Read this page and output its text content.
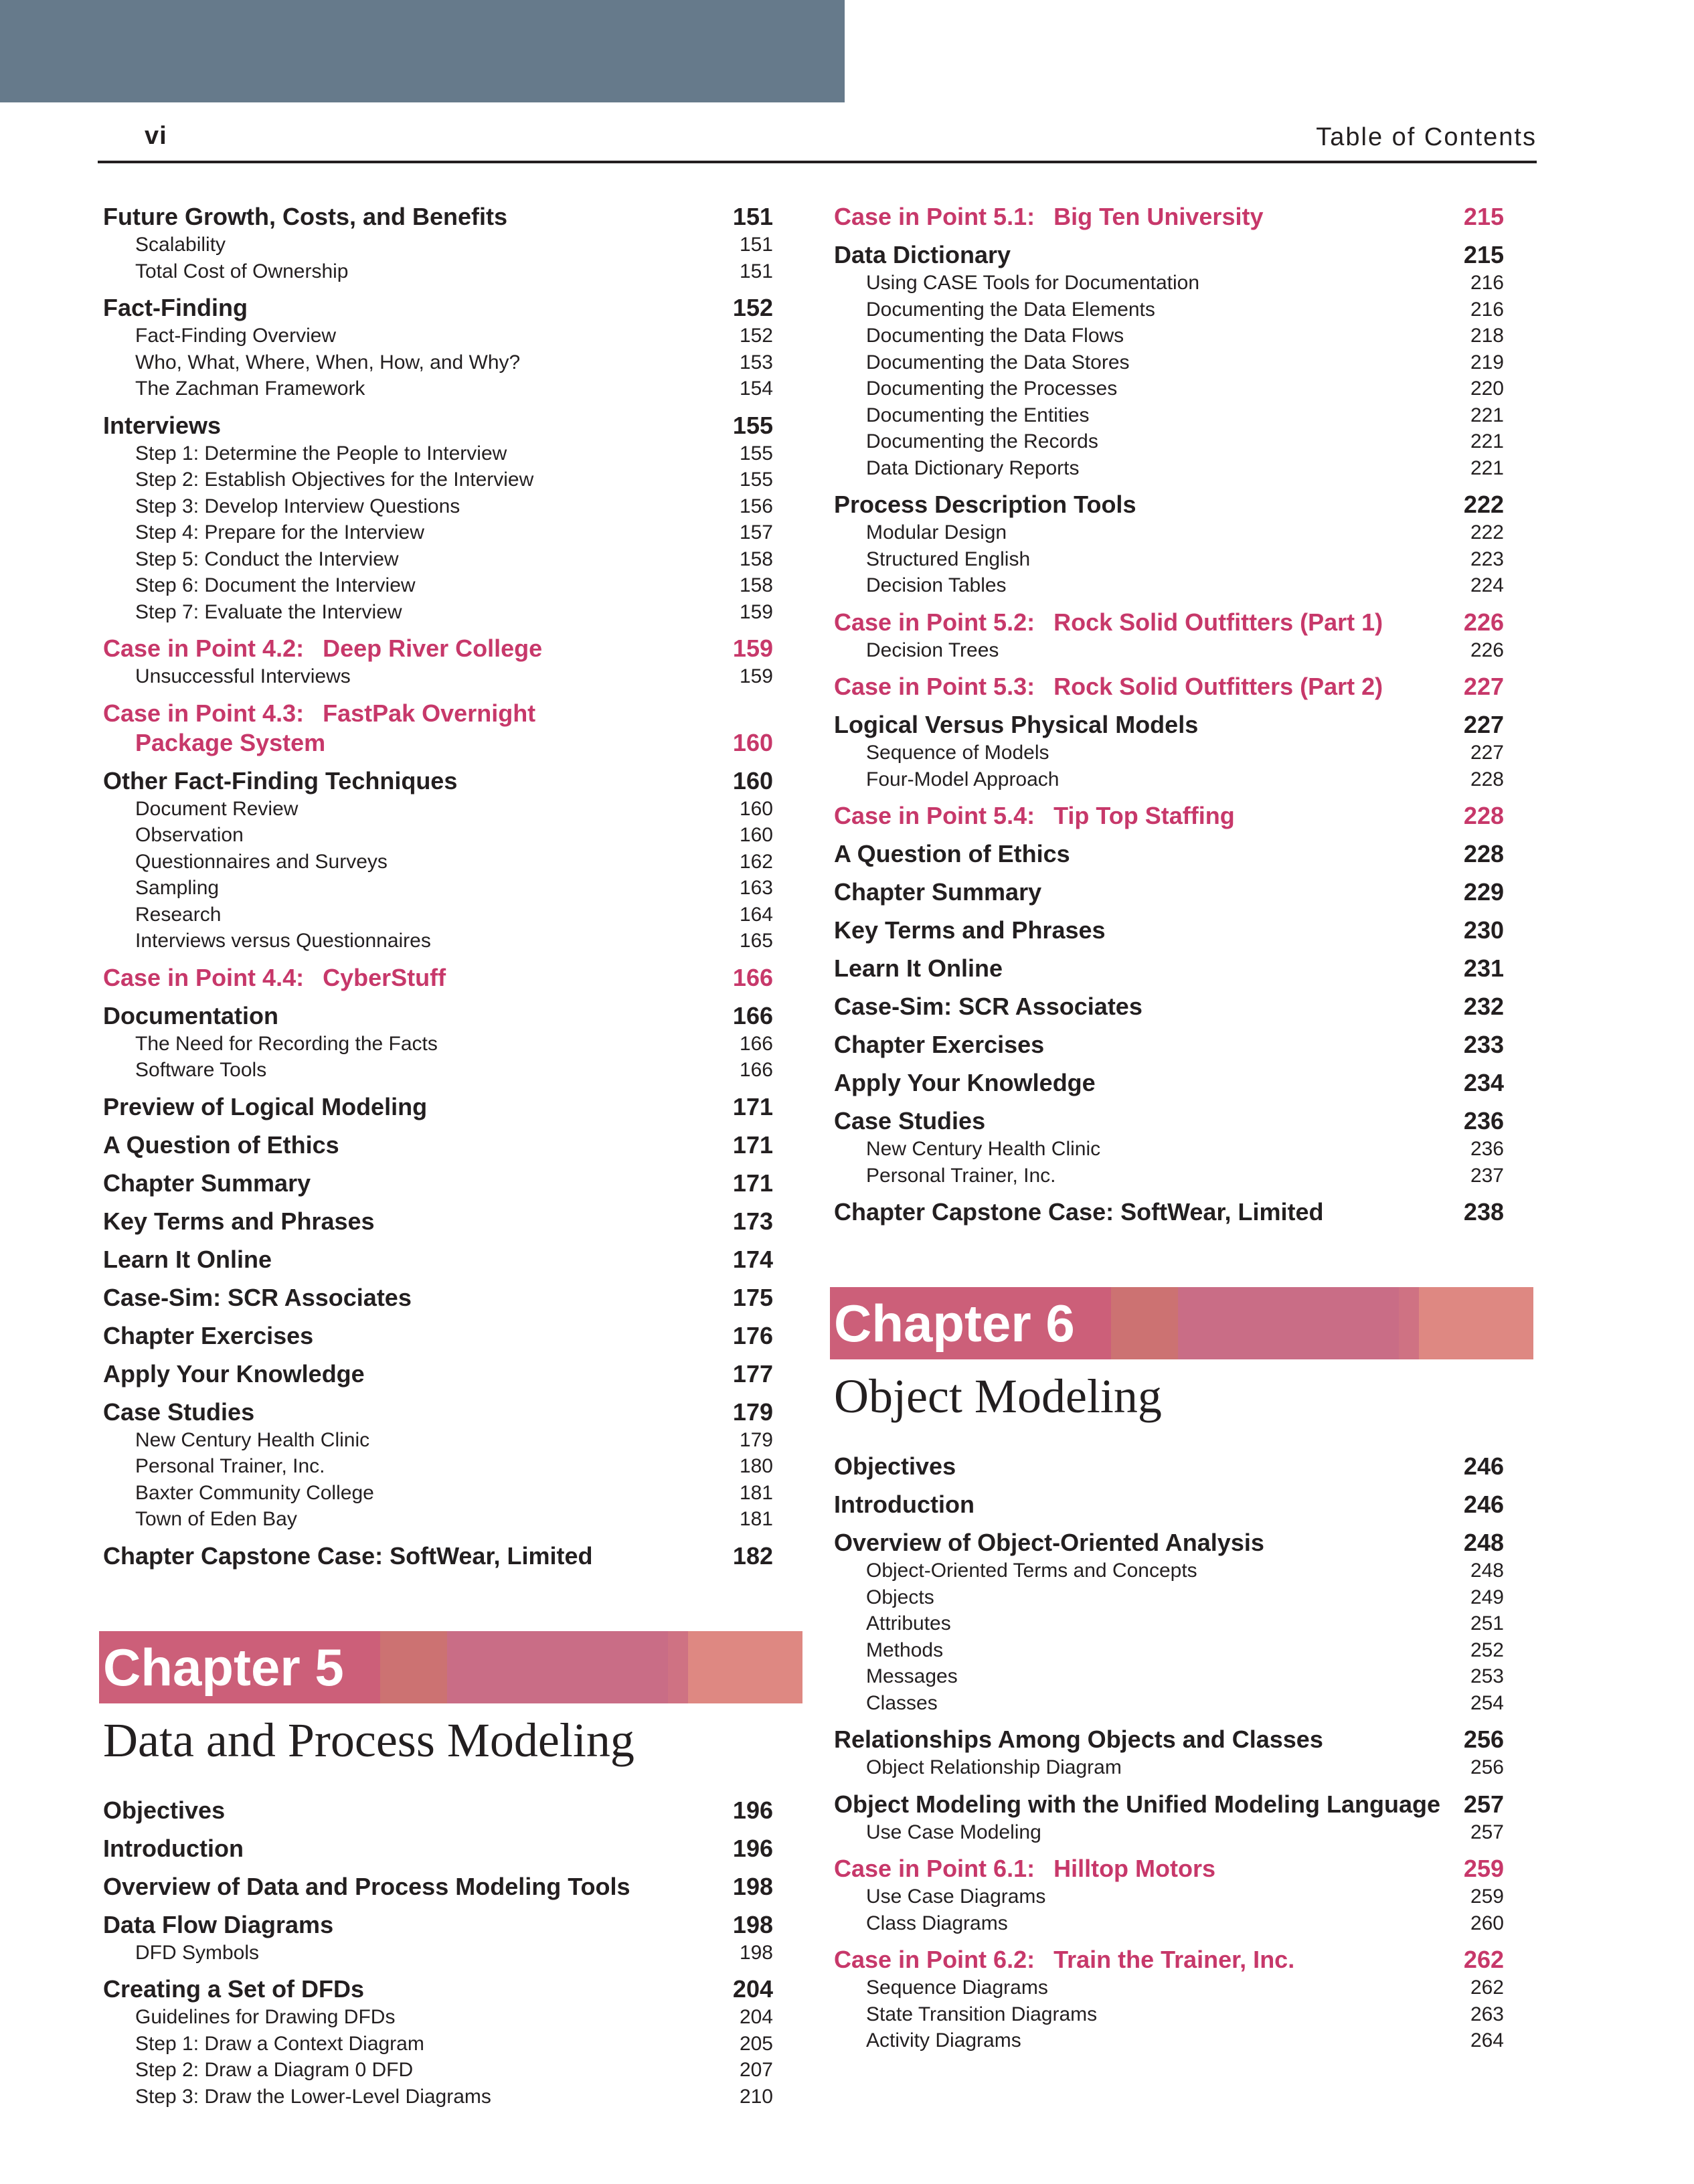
vi	Table of Contents
Future Growth, Costs, and Benefits	151
Scalability	151
Total Cost of Ownership	151
Fact-Finding	152
Fact-Finding Overview	152
Who, What, Where, When, How, and Why?	153
The Zachman Framework	154
Interviews	155
Step 1: Determine the People to Interview	155
Step 2: Establish Objectives for the Interview	155
Step 3: Develop Interview Questions	156
Step 4: Prepare for the Interview	157
Step 5: Conduct the Interview	158
Step 6: Document the Interview	158
Step 7: Evaluate the Interview	159
Case in Point 4.2: Deep River College	159
Unsuccessful Interviews	159
Case in Point 4.3: FastPak Overnight
Package System	160
Other Fact-Finding Techniques	160
Document Review	160
Observation	160
Questionnaires and Surveys	162
Sampling	163
Research	164
Interviews versus Questionnaires	165
Case in Point 4.4: CyberStuff	166
Documentation	166
The Need for Recording the Facts	166
Software Tools	166
Preview of Logical Modeling	171
A Question of Ethics	171
Chapter Summary	171
Key Terms and Phrases	173
Learn It Online	174
Case-Sim: SCR Associates	175
Chapter Exercises	176
Apply Your Knowledge	177
Case Studies	179
New Century Health Clinic	179
Personal Trainer, Inc.	180
Baxter Community College	181
Town of Eden Bay	181
Chapter Capstone Case: SoftWear, Limited	182
Chapter 5
Data and Process Modeling
Objectives	196
Introduction	196
Overview of Data and Process Modeling Tools	198
Data Flow Diagrams	198
DFD Symbols	198
Creating a Set of DFDs	204
Guidelines for Drawing DFDs	204
Step 1: Draw a Context Diagram	205
Step 2: Draw a Diagram 0 DFD	207
Step 3: Draw the Lower-Level Diagrams	210
Case in Point 5.1: Big Ten University	215
Data Dictionary	215
Using CASE Tools for Documentation	216
Documenting the Data Elements	216
Documenting the Data Flows	218
Documenting the Data Stores	219
Documenting the Processes	220
Documenting the Entities	221
Documenting the Records	221
Data Dictionary Reports	221
Process Description Tools	222
Modular Design	222
Structured English	223
Decision Tables	224
Case in Point 5.2: Rock Solid Outfitters (Part 1)	226
Decision Trees	226
Case in Point 5.3: Rock Solid Outfitters (Part 2)	227
Logical Versus Physical Models	227
Sequence of Models	227
Four-Model Approach	228
Case in Point 5.4: Tip Top Staffing	228
A Question of Ethics	228
Chapter Summary	229
Key Terms and Phrases	230
Learn It Online	231
Case-Sim: SCR Associates	232
Chapter Exercises	233
Apply Your Knowledge	234
Case Studies	236
New Century Health Clinic	236
Personal Trainer, Inc.	237
Chapter Capstone Case: SoftWear, Limited	238
Chapter 6
Object Modeling
Objectives	246
Introduction	246
Overview of Object-Oriented Analysis	248
Object-Oriented Terms and Concepts	248
Objects	249
Attributes	251
Methods	252
Messages	253
Classes	254
Relationships Among Objects and Classes	256
Object Relationship Diagram	256
Object Modeling with the Unified Modeling Language 257
Use Case Modeling	257
Case in Point 6.1: Hilltop Motors	259
Use Case Diagrams	259
Class Diagrams	260
Case in Point 6.2: Train the Trainer, Inc.	262
Sequence Diagrams	262
State Transition Diagrams	263
Activity Diagrams	264
